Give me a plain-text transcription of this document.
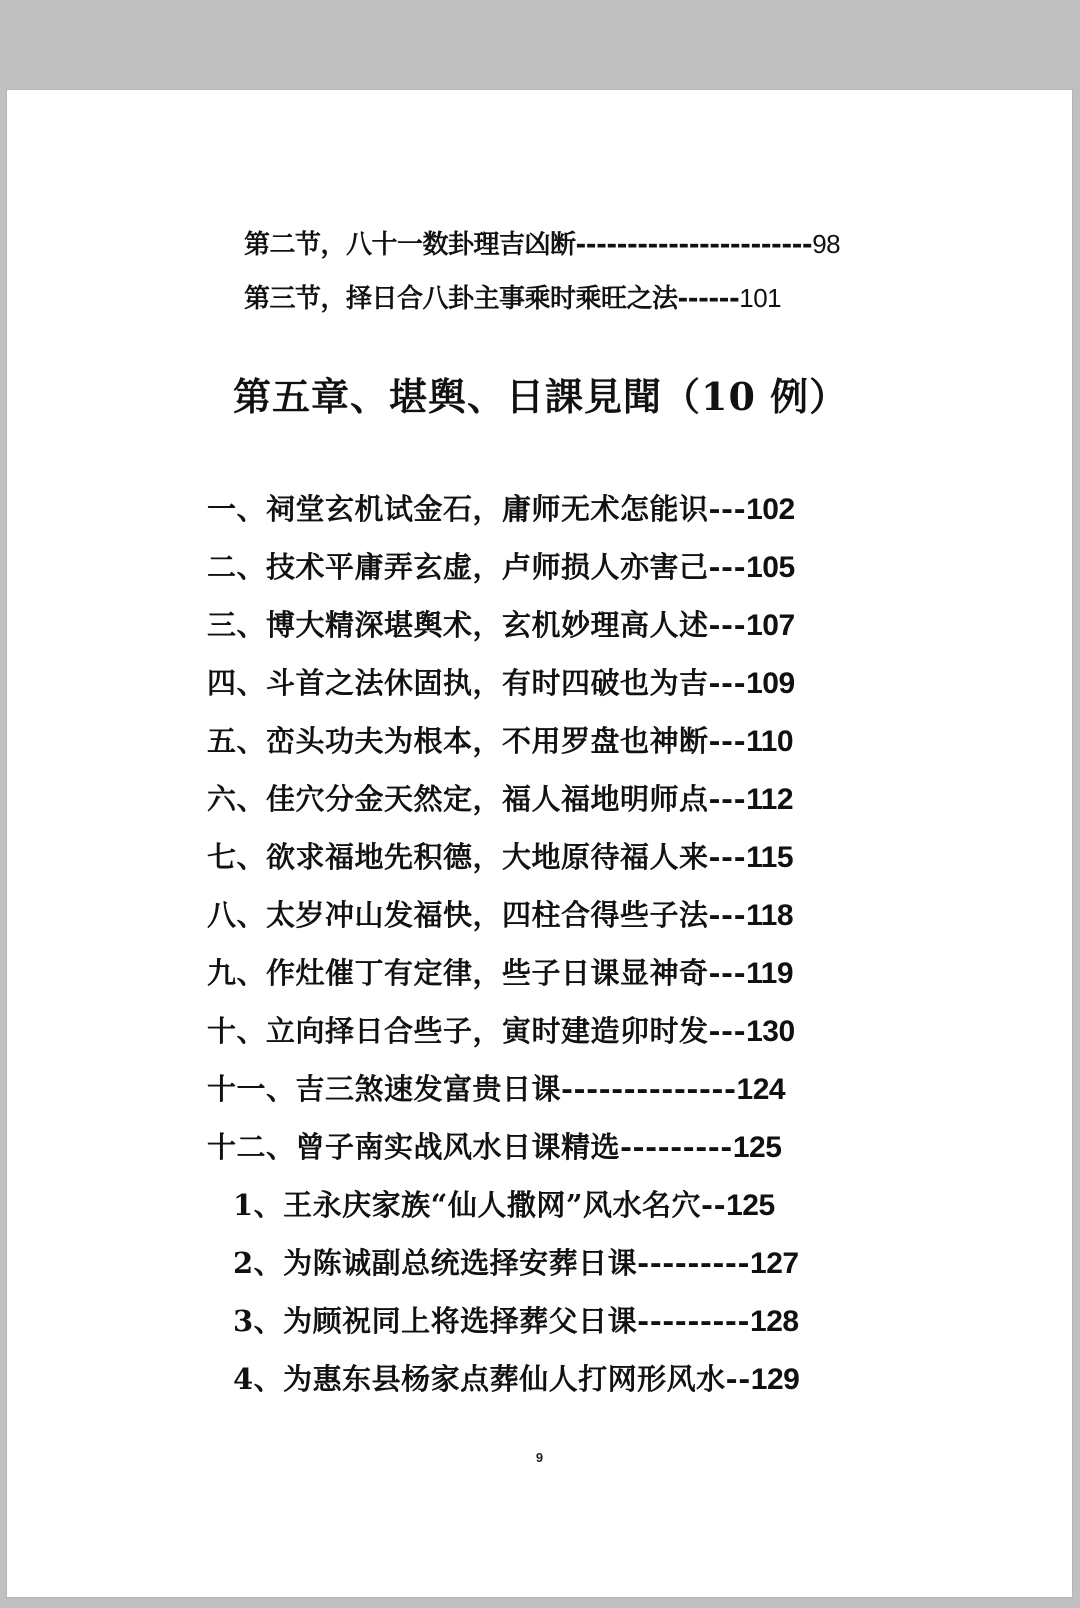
第二节，八十一数卦理吉凶断-----------------------98
第三节，择日合八卦主事乘时乘旺之法------101
第五章、堪舆、日課見聞（10 例）
一、祠堂玄机试金石，庸师无术怎能识---102
二、技术平庸弄玄虚，卢师损人亦害己---105
三、博大精深堪舆术，玄机妙理高人述---107
四、斗首之法休固执，有时四破也为吉---109
五、峦头功夫为根本，不用罗盘也神断---110
六、佳穴分金天然定，福人福地明师点---112
七、欲求福地先积德，大地原待福人来---115
八、太岁冲山发福快，四柱合得些子法---118
九、作灶催丁有定律，些子日课显神奇---119
十、立向择日合些子，寅时建造卯时发---130
十一、吉三煞速发富贵日课--------------124
十二、曾子南实战风水日课精选---------125
1、王永庆家族“仙人撒网”风水名穴--125
2、为陈诚副总统选择安葬日课---------127
3、为顾祝同上将选择葬父日课---------128
4、为惠东县杨家点葬仙人打网形风水--129
9
